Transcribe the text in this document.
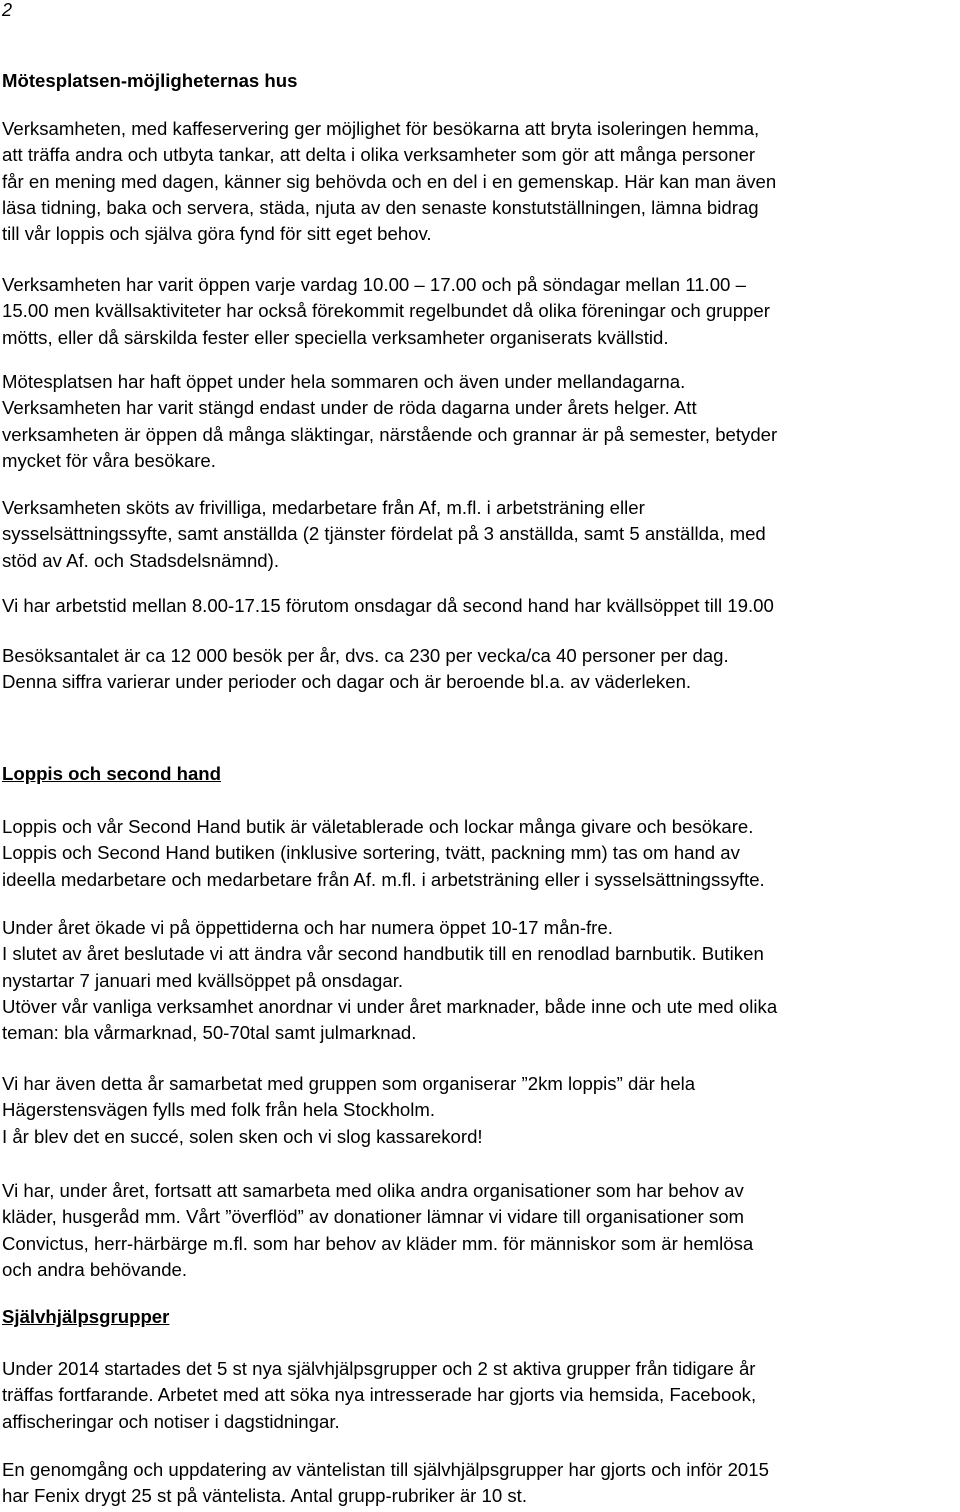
2
Mötesplatsen-möjligheternas hus
Verksamheten, med kaffeservering ger möjlighet för besökarna att bryta isoleringen hemma,
att träffa andra och utbyta tankar, att delta i olika verksamheter som gör att många personer
får en mening med dagen, känner sig behövda och en del i en gemenskap. Här kan man även
läsa tidning, baka och servera, städa, njuta av den senaste konstutställningen, lämna bidrag
till vår loppis och själva göra fynd för sitt eget behov.
Verksamheten har varit öppen varje vardag 10.00 – 17.00 och på söndagar mellan 11.00 –
15.00 men kvällsaktiviteter har också förekommit regelbundet då olika föreningar och grupper
mötts, eller då särskilda fester eller speciella verksamheter organiserats kvällstid.
Mötesplatsen har haft öppet under hela sommaren och även under mellandagarna.
Verksamheten har varit stängd endast under de röda dagarna under årets helger. Att
verksamheten är öppen då många släktingar, närstående och grannar är på semester, betyder
mycket för våra besökare.
Verksamheten sköts av frivilliga, medarbetare från Af, m.fl. i arbetsträning eller
sysselsättningssyfte, samt anställda (2 tjänster fördelat på 3 anställda, samt 5 anställda, med
stöd av Af. och Stadsdelsnämnd).
Vi har arbetstid mellan 8.00-17.15 förutom onsdagar då second hand har kvällsöppet till 19.00
Besöksantalet är ca 12 000 besök per år, dvs. ca 230 per vecka/ca 40 personer per dag.
Denna siffra varierar under perioder och dagar och är beroende bl.a. av väderleken.
Loppis och second hand
Loppis och vår Second Hand butik är väletablerade och lockar många givare och besökare.
Loppis och Second Hand butiken (inklusive sortering, tvätt, packning mm) tas om hand av
ideella medarbetare och medarbetare från Af. m.fl. i arbetsträning eller i sysselsättningssyfte.
Under året ökade vi på öppettiderna och har numera öppet 10-17 mån-fre.
I slutet av året beslutade vi att ändra vår second handbutik till en renodlad barnbutik. Butiken
nystartar 7 januari med kvällsöppet på onsdagar.
Utöver vår vanliga verksamhet anordnar vi under året marknader, både inne och ute med olika
teman: bla vårmarknad, 50-70tal samt julmarknad.
Vi har även detta år samarbetat med gruppen som organiserar ”2km loppis” där hela
Hägerstensvägen fylls med folk från hela Stockholm.
I år blev det en succé, solen sken och vi slog kassarekord!
Vi har, under året, fortsatt att samarbeta med olika andra organisationer som har behov av
kläder, husgeråd mm. Vårt ”överflöd” av donationer lämnar vi vidare till organisationer som
Convictus, herr-härbärge m.fl. som har behov av kläder mm. för människor som är hemlösa
och andra behövande.
Självhjälpsgrupper
Under 2014 startades det 5 st nya självhjälpsgrupper och 2 st aktiva grupper från tidigare år
träffas fortfarande. Arbetet med att söka nya intresserade har gjorts via hemsida, Facebook,
affischeringar och notiser i dagstidningar.
En genomgång och uppdatering av väntelistan till självhjälpsgrupper har gjorts och inför 2015
har Fenix drygt 25 st på väntelista. Antal grupp-rubriker är 10 st.
